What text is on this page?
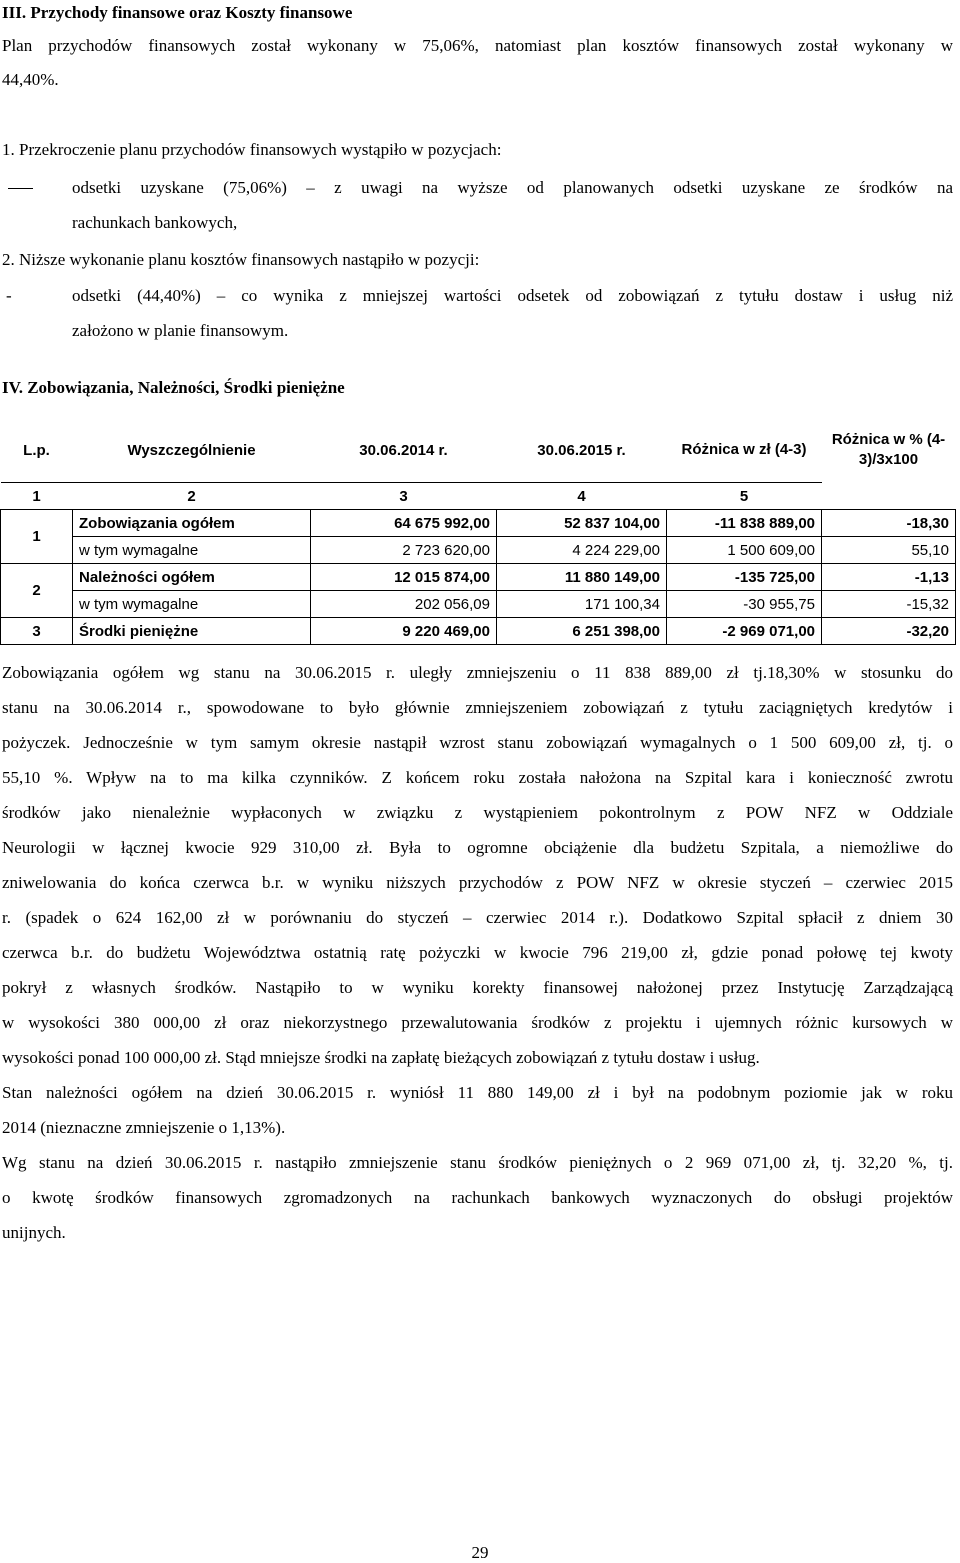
III. Przychody finansowe oraz Koszty finansowe
Plan przychodów finansowych został wykonany w 75,06%, natomiast plan kosztów finansowych został wykonany w
44,40%.
1. Przekroczenie planu przychodów finansowych wystąpiło w pozycjach:
odsetki uzyskane (75,06%) – z uwagi na wyższe od planowanych odsetki uzyskane ze środków na
rachunkach bankowych,
2. Niższe wykonanie planu kosztów finansowych nastąpiło w pozycji:
-	odsetki (44,40%) – co wynika z mniejszej wartości odsetek od zobowiązań z tytułu dostaw i usług niż
założono w planie finansowym.
IV. Zobowiązania, Należności, Środki pieniężne
L.p.	Wyszczególnienie	30.06.2014 r.	30.06.2015 r.	Różnica w zł (4-3)	Różnica w % (4-3)/3x100
1	2	3	4	5	
1	Zobowiązania ogółem	64 675 992,00	52 837 104,00	-11 838 889,00	-18,30
	w tym wymagalne	2 723 620,00	4 224 229,00	1 500 609,00	55,10
2	Należności ogółem	12 015 874,00	11 880 149,00	-135 725,00	-1,13
	w tym wymagalne	202 056,09	171 100,34	-30 955,75	-15,32
3	Środki pieniężne	9 220 469,00	6 251 398,00	-2 969 071,00	-32,20
Zobowiązania ogółem wg stanu na 30.06.2015 r. uległy zmniejszeniu o 11 838 889,00 zł tj.18,30% w stosunku do
stanu na 30.06.2014 r., spowodowane to było głównie zmniejszeniem zobowiązań z tytułu zaciągniętych kredytów i
pożyczek. Jednocześnie w tym samym okresie nastąpił wzrost stanu zobowiązań wymagalnych o 1 500 609,00 zł, tj. o
55,10 %. Wpływ na to ma kilka czynników. Z końcem roku została nałożona na Szpital kara i konieczność zwrotu
środków jako nienależnie wypłaconych w związku z wystąpieniem pokontrolnym z POW NFZ w Oddziale
Neurologii w łącznej kwocie 929 310,00 zł. Była to ogromne obciążenie dla budżetu Szpitala, a niemożliwe do
zniwelowania do końca czerwca b.r. w wyniku niższych przychodów z POW NFZ w okresie styczeń – czerwiec 2015
r. (spadek o 624 162,00 zł w porównaniu do styczeń – czerwiec 2014 r.). Dodatkowo Szpital spłacił z dniem 30
czerwca b.r. do budżetu Województwa ostatnią ratę pożyczki w kwocie 796 219,00 zł, gdzie ponad połowę tej kwoty
pokrył z własnych środków. Nastąpiło to w wyniku korekty finansowej nałożonej przez Instytucję Zarządzającą
w wysokości 380 000,00 zł oraz niekorzystnego przewalutowania środków z projektu i ujemnych różnic kursowych w
wysokości ponad 100 000,00 zł. Stąd mniejsze środki na zapłatę bieżących zobowiązań z tytułu dostaw i usług.
Stan należności ogółem na dzień 30.06.2015 r. wyniósł 11 880 149,00 zł i był na podobnym poziomie jak w roku
2014 (nieznaczne zmniejszenie o 1,13%).
Wg stanu na dzień 30.06.2015 r. nastąpiło zmniejszenie stanu środków pieniężnych o 2 969 071,00 zł, tj. 32,20 %, tj.
o kwotę środków finansowych zgromadzonych na rachunkach bankowych wyznaczonych do obsługi projektów
unijnych.
29
